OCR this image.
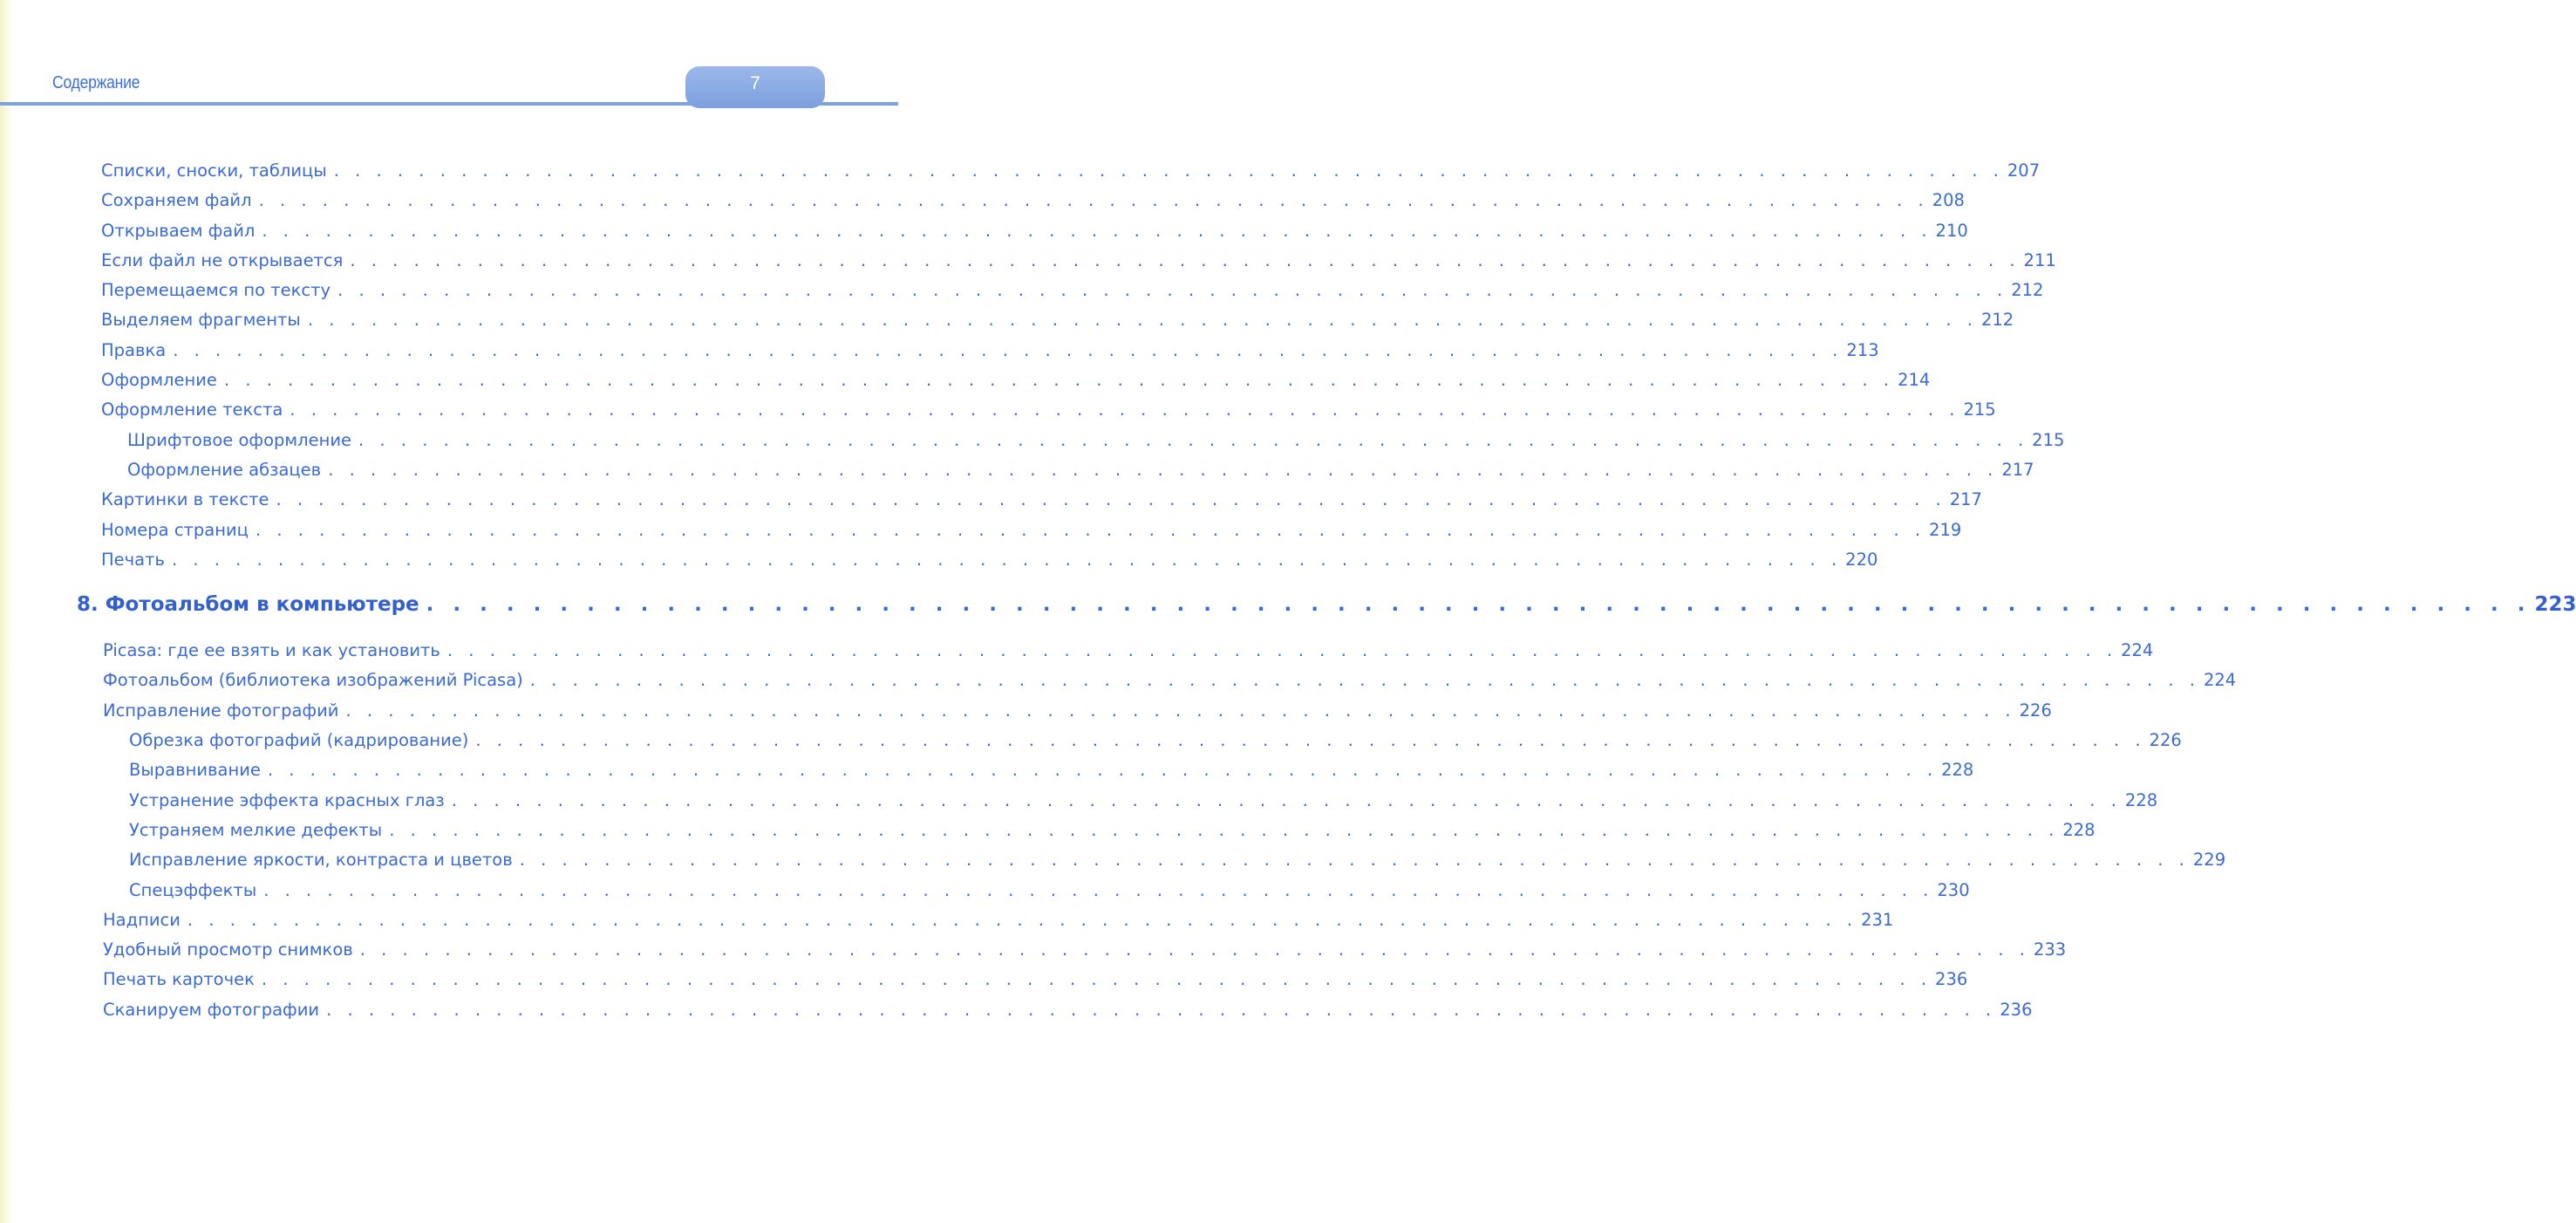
Содержание	7
Списки, сноски, таблицы . . . . . . . . . . . . . . . . . . . . . . . . . . . . . . . . . . . . . . . . . . . . . . . . . . . . . . . . . . . . . . . . . . . . . . . . . . . . . . . 207
Сохраняем файл . . . . . . . . . . . . . . . . . . . . . . . . . . . . . . . . . . . . . . . . . . . . . . . . . . . . . . . . . . . . . . . . . . . . . . . . . . . . . . . 208
Открываем файл . . . . . . . . . . . . . . . . . . . . . . . . . . . . . . . . . . . . . . . . . . . . . . . . . . . . . . . . . . . . . . . . . . . . . . . . . . . . . . . 210
Если файл не открывается . . . . . . . . . . . . . . . . . . . . . . . . . . . . . . . . . . . . . . . . . . . . . . . . . . . . . . . . . . . . . . . . . . . . . . . . . . . . . . . 211
Перемещаемся по тексту . . . . . . . . . . . . . . . . . . . . . . . . . . . . . . . . . . . . . . . . . . . . . . . . . . . . . . . . . . . . . . . . . . . . . . . . . . . . . . . 212
Выделяем фрагменты . . . . . . . . . . . . . . . . . . . . . . . . . . . . . . . . . . . . . . . . . . . . . . . . . . . . . . . . . . . . . . . . . . . . . . . . . . . . . . . 212
Правка . . . . . . . . . . . . . . . . . . . . . . . . . . . . . . . . . . . . . . . . . . . . . . . . . . . . . . . . . . . . . . . . . . . . . . . . . . . . . . . 213
Оформление . . . . . . . . . . . . . . . . . . . . . . . . . . . . . . . . . . . . . . . . . . . . . . . . . . . . . . . . . . . . . . . . . . . . . . . . . . . . . . . 214
Оформление текста . . . . . . . . . . . . . . . . . . . . . . . . . . . . . . . . . . . . . . . . . . . . . . . . . . . . . . . . . . . . . . . . . . . . . . . . . . . . . . . 215
Шрифтовое оформление . . . . . . . . . . . . . . . . . . . . . . . . . . . . . . . . . . . . . . . . . . . . . . . . . . . . . . . . . . . . . . . . . . . . . . . . . . . . . . . 215
Оформление абзацев . . . . . . . . . . . . . . . . . . . . . . . . . . . . . . . . . . . . . . . . . . . . . . . . . . . . . . . . . . . . . . . . . . . . . . . . . . . . . . . 217
Картинки в тексте . . . . . . . . . . . . . . . . . . . . . . . . . . . . . . . . . . . . . . . . . . . . . . . . . . . . . . . . . . . . . . . . . . . . . . . . . . . . . . . 217
Номера страниц . . . . . . . . . . . . . . . . . . . . . . . . . . . . . . . . . . . . . . . . . . . . . . . . . . . . . . . . . . . . . . . . . . . . . . . . . . . . . . . 219
Печать . . . . . . . . . . . . . . . . . . . . . . . . . . . . . . . . . . . . . . . . . . . . . . . . . . . . . . . . . . . . . . . . . . . . . . . . . . . . . . . 220
8. Фотоальбом в компьютере . . . . . . . . . . . . . . . . . . . . . . . . . . . . . . . . . . . . . . . . . . . . . . . . . . . . . . . . . . . . . . . . . . . . . . . . . . . . . . . 223
Picasa: где ее взять и как установить . . . . . . . . . . . . . . . . . . . . . . . . . . . . . . . . . . . . . . . . . . . . . . . . . . . . . . . . . . . . . . . . . . . . . . . . . . . . . . . 224
Фотоальбом (библиотека изображений Picasa) . . . . . . . . . . . . . . . . . . . . . . . . . . . . . . . . . . . . . . . . . . . . . . . . . . . . . . . . . . . . . . . . . . . . . . . . . . . . . . . 224
Исправление фотографий . . . . . . . . . . . . . . . . . . . . . . . . . . . . . . . . . . . . . . . . . . . . . . . . . . . . . . . . . . . . . . . . . . . . . . . . . . . . . . . 226
Обрезка фотографий (кадрирование) . . . . . . . . . . . . . . . . . . . . . . . . . . . . . . . . . . . . . . . . . . . . . . . . . . . . . . . . . . . . . . . . . . . . . . . . . . . . . . . 226
Выравнивание . . . . . . . . . . . . . . . . . . . . . . . . . . . . . . . . . . . . . . . . . . . . . . . . . . . . . . . . . . . . . . . . . . . . . . . . . . . . . . . 228
Устранение эффекта красных глаз . . . . . . . . . . . . . . . . . . . . . . . . . . . . . . . . . . . . . . . . . . . . . . . . . . . . . . . . . . . . . . . . . . . . . . . . . . . . . . . 228
Устраняем мелкие дефекты . . . . . . . . . . . . . . . . . . . . . . . . . . . . . . . . . . . . . . . . . . . . . . . . . . . . . . . . . . . . . . . . . . . . . . . . . . . . . . . 228
Исправление яркости, контраста и цветов . . . . . . . . . . . . . . . . . . . . . . . . . . . . . . . . . . . . . . . . . . . . . . . . . . . . . . . . . . . . . . . . . . . . . . . . . . . . . . . 229
Спецэффекты . . . . . . . . . . . . . . . . . . . . . . . . . . . . . . . . . . . . . . . . . . . . . . . . . . . . . . . . . . . . . . . . . . . . . . . . . . . . . . . 230
Надписи . . . . . . . . . . . . . . . . . . . . . . . . . . . . . . . . . . . . . . . . . . . . . . . . . . . . . . . . . . . . . . . . . . . . . . . . . . . . . . . 231
Удобный просмотр снимков . . . . . . . . . . . . . . . . . . . . . . . . . . . . . . . . . . . . . . . . . . . . . . . . . . . . . . . . . . . . . . . . . . . . . . . . . . . . . . . 233
Печать карточек . . . . . . . . . . . . . . . . . . . . . . . . . . . . . . . . . . . . . . . . . . . . . . . . . . . . . . . . . . . . . . . . . . . . . . . . . . . . . . . 236
Сканируем фотографии . . . . . . . . . . . . . . . . . . . . . . . . . . . . . . . . . . . . . . . . . . . . . . . . . . . . . . . . . . . . . . . . . . . . . . . . . . . . . . . 236
